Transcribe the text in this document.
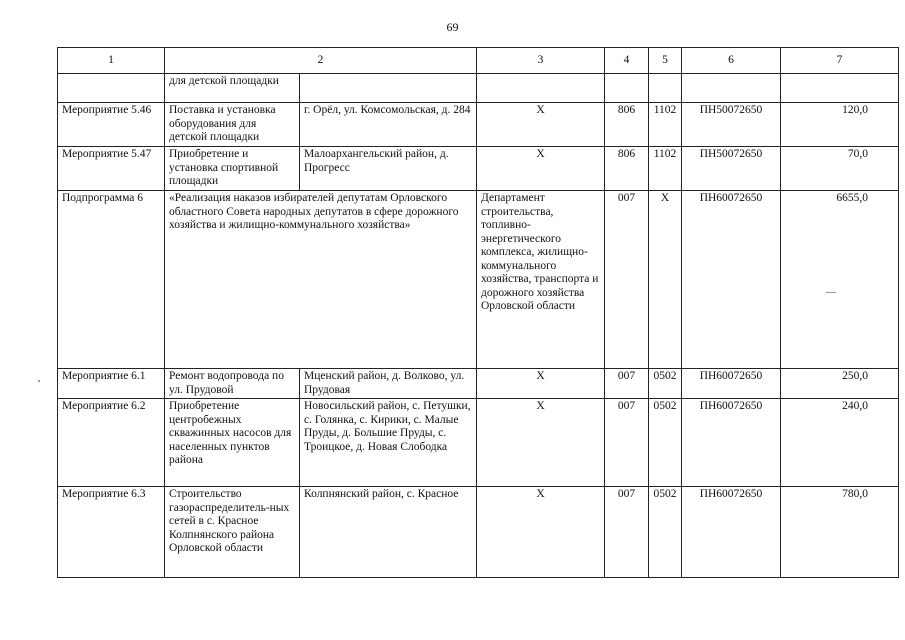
69
1	2		3	4	5	6	7
	для детской площадки						
Мероприятие 5.46	Поставка и установка оборудования для детской площадки	г. Орёл, ул. Комсомольская, д. 284	Х	806	1102	ПН50072650	120,0
Мероприятие 5.47	Приобретение и установка спортивной площадки	Малоархангельский район, д. Прогресс	Х	806	1102	ПН50072650	70,0
Подпрограмма 6	«Реализация наказов избирателей депутатам Орловского областного Совета народных депутатов в сфере дорожного хозяйства и жилищно-коммунального хозяйства»		Департамент строительства, топливно-энергетического комплекса, жилищно-коммунального хозяйства, транспорта и дорожного хозяйства Орловской области	007	Х	ПН60072650	6655,0
Мероприятие 6.1	Ремонт водопровода по ул. Прудовой	Мценский район, д. Волково, ул. Прудовая	Х	007	0502	ПН60072650	250,0
Мероприятие 6.2	Приобретение центробежных скважинных насосов для населенных пунктов района	Новосильский район, с. Петушки, с. Голянка, с. Кирики, с. Малые Пруды, д. Большие Пруды, с. Троицкое, д. Новая Слободка	Х	007	0502	ПН60072650	240,0
Мероприятие 6.3	Строительство газораспределитель-ных сетей в с. Красное Колпнянского района Орловской области	Колпнянский район, с. Красное	Х	007	0502	ПН60072650	780,0
